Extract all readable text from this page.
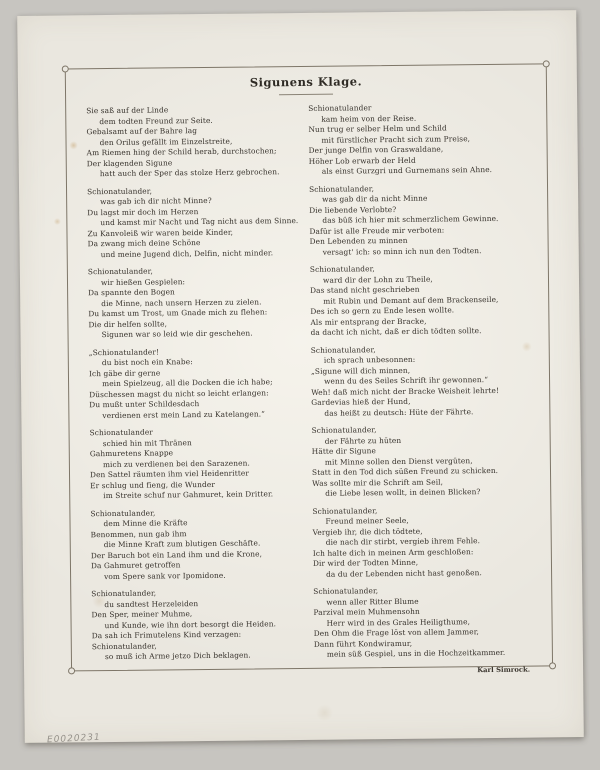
Sigunens Klage.
Sie saß auf der Linde
dem todten Freund zur Seite.
Gebalsamt auf der Bahre lag
den Orilus gefällt im Einzelstreite,
Am Riemen hing der Schild herab, durchstochen;
Der klagenden Sigune
hatt auch der Sper das stolze Herz gebrochen.
Schionatulander,
was gab ich dir nicht Minne?
Du lagst mir doch im Herzen
und kamst mir Nacht und Tag nicht aus dem Sinne.
Zu Kanvoleiß wir waren beide Kinder,
Da zwang mich deine Schöne
und meine Jugend dich, Delfin, nicht minder.
Schionatulander,
wir hießen Gespielen:
Da spannte den Bogen
die Minne, nach unsern Herzen zu zielen.
Du kamst um Trost, um Gnade mich zu flehen:
Die dir helfen sollte,
Sigunen war so leid wie dir geschehen.
„Schionatulander!
du bist noch ein Knabe:
Ich gäbe dir gerne
mein Spielzeug, all die Docken die ich habe;
Düschessen magst du nicht so leicht erlangen:
Du mußt unter Schildesdach
verdienen erst mein Land zu Katelangen.“
Schionatulander
schied hin mit Thränen
Gahmuretens Knappe
mich zu verdienen bei den Sarazenen.
Den Sattel räumten ihm viel Heidenritter
Er schlug und fieng, die Wunder
im Streite schuf nur Gahmuret, kein Dritter.
Schionatulander,
dem Minne die Kräfte
Benommen, nun gab ihm
die Minne Kraft zum blutigen Geschäfte.
Der Baruch bot ein Land ihm und die Krone,
Da Gahmuret getroffen
vom Spere sank vor Ipomidone.
Schionatulander,
du sandtest Herzeleiden
Den Sper, meiner Muhme,
und Kunde, wie ihn dort besorgt die Heiden.
Da sah ich Frimutelens Kind verzagen:
Schionatulander,
so muß ich Arme jetzo Dich beklagen.
Schionatulander
kam heim von der Reise.
Nun trug er selber Helm und Schild
mit fürstlicher Pracht sich zum Preise,
Der junge Delfin von Graswaldane,
Höher Lob erwarb der Held
als einst Gurzgri und Gurnemans sein Ahne.
Schionatulander,
was gab dir da nicht Minne
Die liebende Verlobte?
das büß ich hier mit schmerzlichem Gewinne.
Dafür ist alle Freude mir verboten:
Den Lebenden zu minnen
versagt' ich: so minn ich nun den Todten.
Schionatulander,
ward dir der Lohn zu Theile,
Das stand nicht geschrieben
mit Rubin und Demant auf dem Brackenseile,
Des ich so gern zu Ende lesen wollte.
Als mir entsprang der Bracke,
da dacht ich nicht, daß er dich tödten sollte.
Schionatulander,
ich sprach unbesonnen:
„Sigune will dich minnen,
wenn du des Seiles Schrift ihr gewonnen.“
Weh! daß mich nicht der Bracke Weisheit lehrte!
Gardevias hieß der Hund,
das heißt zu deutsch: Hüte der Fährte.
Schionatulander,
der Fährte zu hüten
Hätte dir Sigune
mit Minne sollen den Dienst vergüten,
Statt in den Tod dich süßen Freund zu schicken.
Was sollte mir die Schrift am Seil,
die Liebe lesen wollt, in deinen Blicken?
Schionatulander,
Freund meiner Seele,
Vergieb ihr, die dich tödtete,
die nach dir stirbt, vergieb ihrem Fehle.
Ich halte dich in meinen Arm geschloßen:
Dir wird der Todten Minne,
da du der Lebenden nicht hast genoßen.
Schionatulander,
wenn aller Ritter Blume
Parzival mein Muhmensohn
Herr wird in des Grales Heiligthume,
Den Ohm die Frage löst von allem Jammer,
Dann führt Kondwiramur,
mein süß Gespiel, uns in die Hochzeitkammer.
Karl Simrock.
E0020231
